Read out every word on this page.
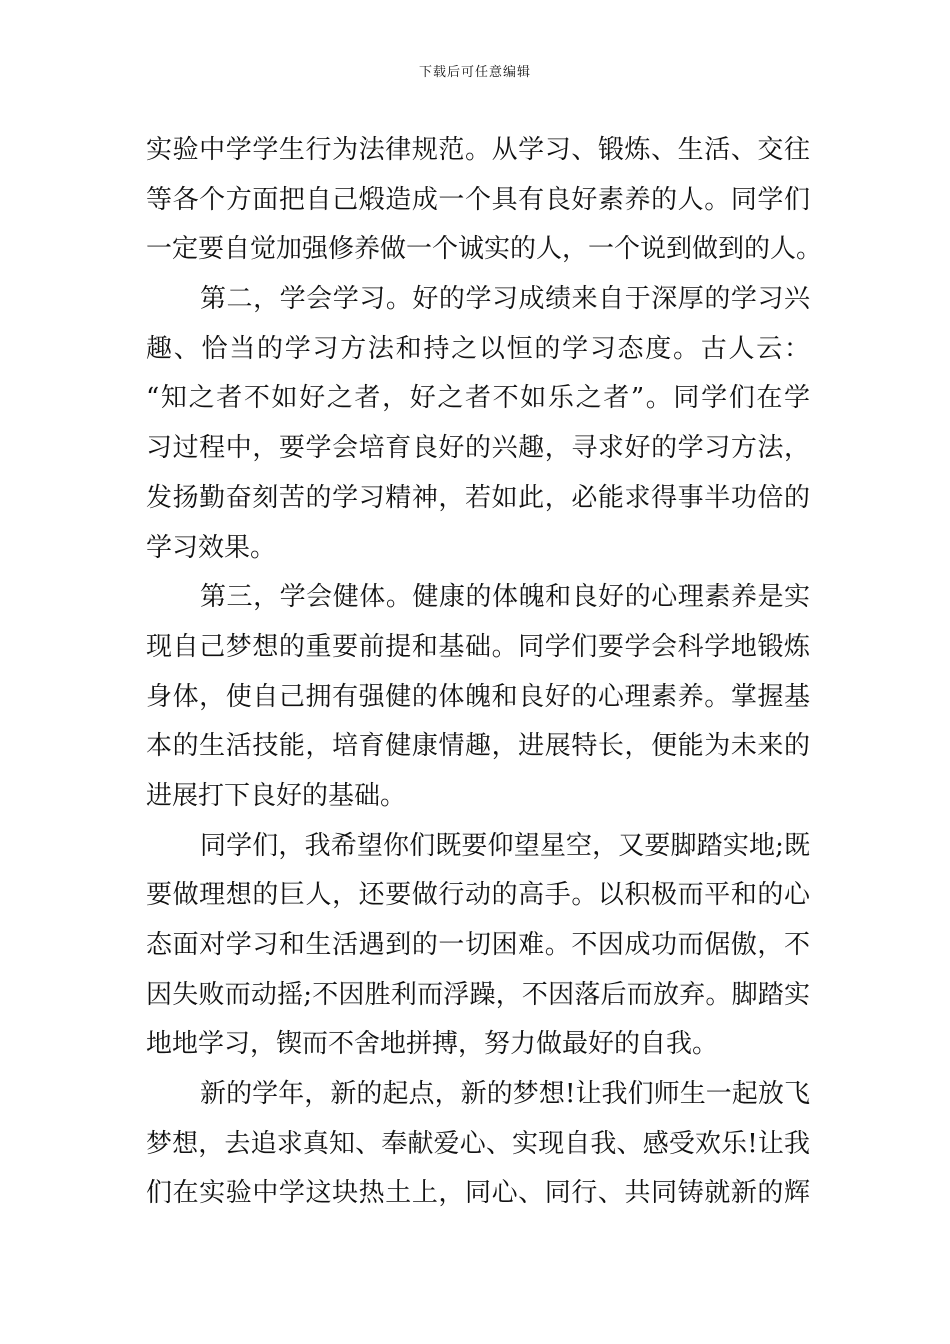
下载后可任意编辑
实验中学学生行为法律规范。从学习、锻炼、生活、交往
等各个方面把自己煅造成一个具有良好素养的人。同学们
一定要自觉加强修养做一个诚实的人，一个说到做到的人。
第二，学会学习。好的学习成绩来自于深厚的学习兴
趣、恰当的学习方法和持之以恒的学习态度。古人云：
“知之者不如好之者，好之者不如乐之者”。同学们在学
习过程中，要学会培育良好的兴趣，寻求好的学习方法，
发扬勤奋刻苦的学习精神，若如此，必能求得事半功倍的
学习效果。
第三，学会健体。健康的体魄和良好的心理素养是实
现自己梦想的重要前提和基础。同学们要学会科学地锻炼
身体，使自己拥有强健的体魄和良好的心理素养。掌握基
本的生活技能，培育健康情趣，进展特长，便能为未来的
进展打下良好的基础。
同学们，我希望你们既要仰望星空，又要脚踏实地;既
要做理想的巨人，还要做行动的高手。以积极而平和的心
态面对学习和生活遇到的一切困难。不因成功而倨傲，不
因失败而动摇;不因胜利而浮躁，不因落后而放弃。脚踏实
地地学习，锲而不舍地拼搏，努力做最好的自我。
新的学年，新的起点，新的梦想!让我们师生一起放飞
梦想，去追求真知、奉献爱心、实现自我、感受欢乐!让我
们在实验中学这块热土上，同心、同行、共同铸就新的辉
